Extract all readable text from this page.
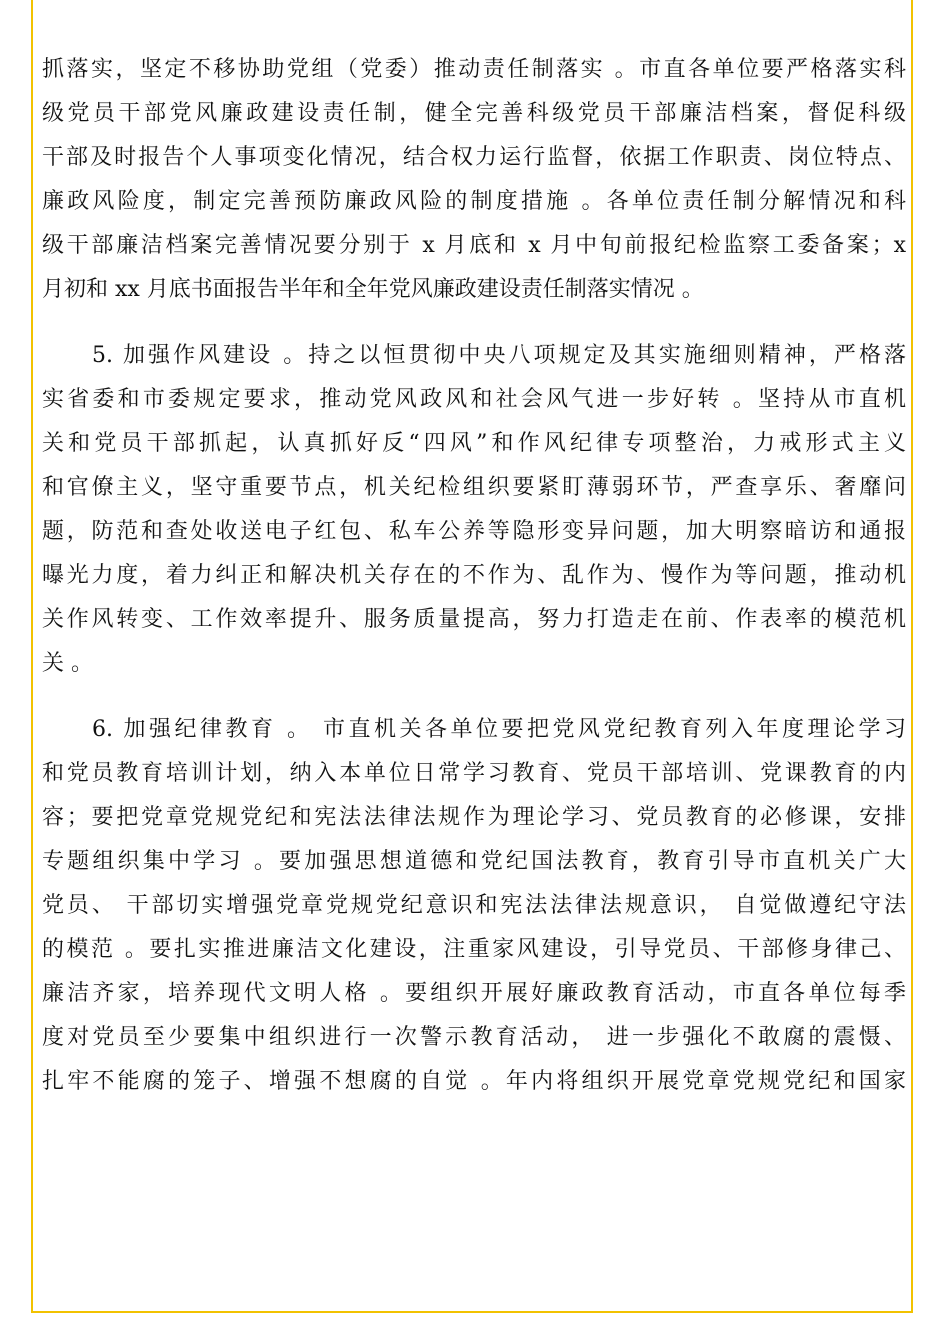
抓落实，坚定不移协助党组（党委）推动责任制落实 。市直各单位要严格落实科
级党员干部党风廉政建设责任制，健全完善科级党员干部廉洁档案，督促科级
干部及时报告个人事项变化情况，结合权力运行监督，依据工作职责、岗位特点、
廉政风险度，制定完善预防廉政风险的制度措施 。各单位责任制分解情况和科
级干部廉洁档案完善情况要分别于 x 月底和 x 月中旬前报纪检监察工委备案；x
月初和 xx 月底书面报告半年和全年党风廉政建设责任制落实情况 。
5. 加强作风建设 。持之以恒贯彻中央八项规定及其实施细则精神，严格落
实省委和市委规定要求，推动党风政风和社会风气进一步好转 。坚持从市直机
关和党员干部抓起，认真抓好反“四风”和作风纪律专项整治，力戒形式主义
和官僚主义，坚守重要节点，机关纪检组织要紧盯薄弱环节，严查享乐、奢靡问
题，防范和查处收送电子红包、私车公养等隐形变异问题，加大明察暗访和通报
曝光力度，着力纠正和解决机关存在的不作为、乱作为、慢作为等问题，推动机
关作风转变、工作效率提升、服务质量提高，努力打造走在前、作表率的模范机
关 。
6. 加强纪律教育 。 市直机关各单位要把党风党纪教育列入年度理论学习
和党员教育培训计划，纳入本单位日常学习教育、党员干部培训、党课教育的内
容；要把党章党规党纪和宪法法律法规作为理论学习、党员教育的必修课，安排
专题组织集中学习 。要加强思想道德和党纪国法教育，教育引导市直机关广大
党员、 干部切实增强党章党规党纪意识和宪法法律法规意识， 自觉做遵纪守法
的模范 。要扎实推进廉洁文化建设，注重家风建设，引导党员、干部修身律己、
廉洁齐家，培养现代文明人格 。要组织开展好廉政教育活动，市直各单位每季
度对党员至少要集中组织进行一次警示教育活动， 进一步强化不敢腐的震慑、
扎牢不能腐的笼子、增强不想腐的自觉 。年内将组织开展党章党规党纪和国家
